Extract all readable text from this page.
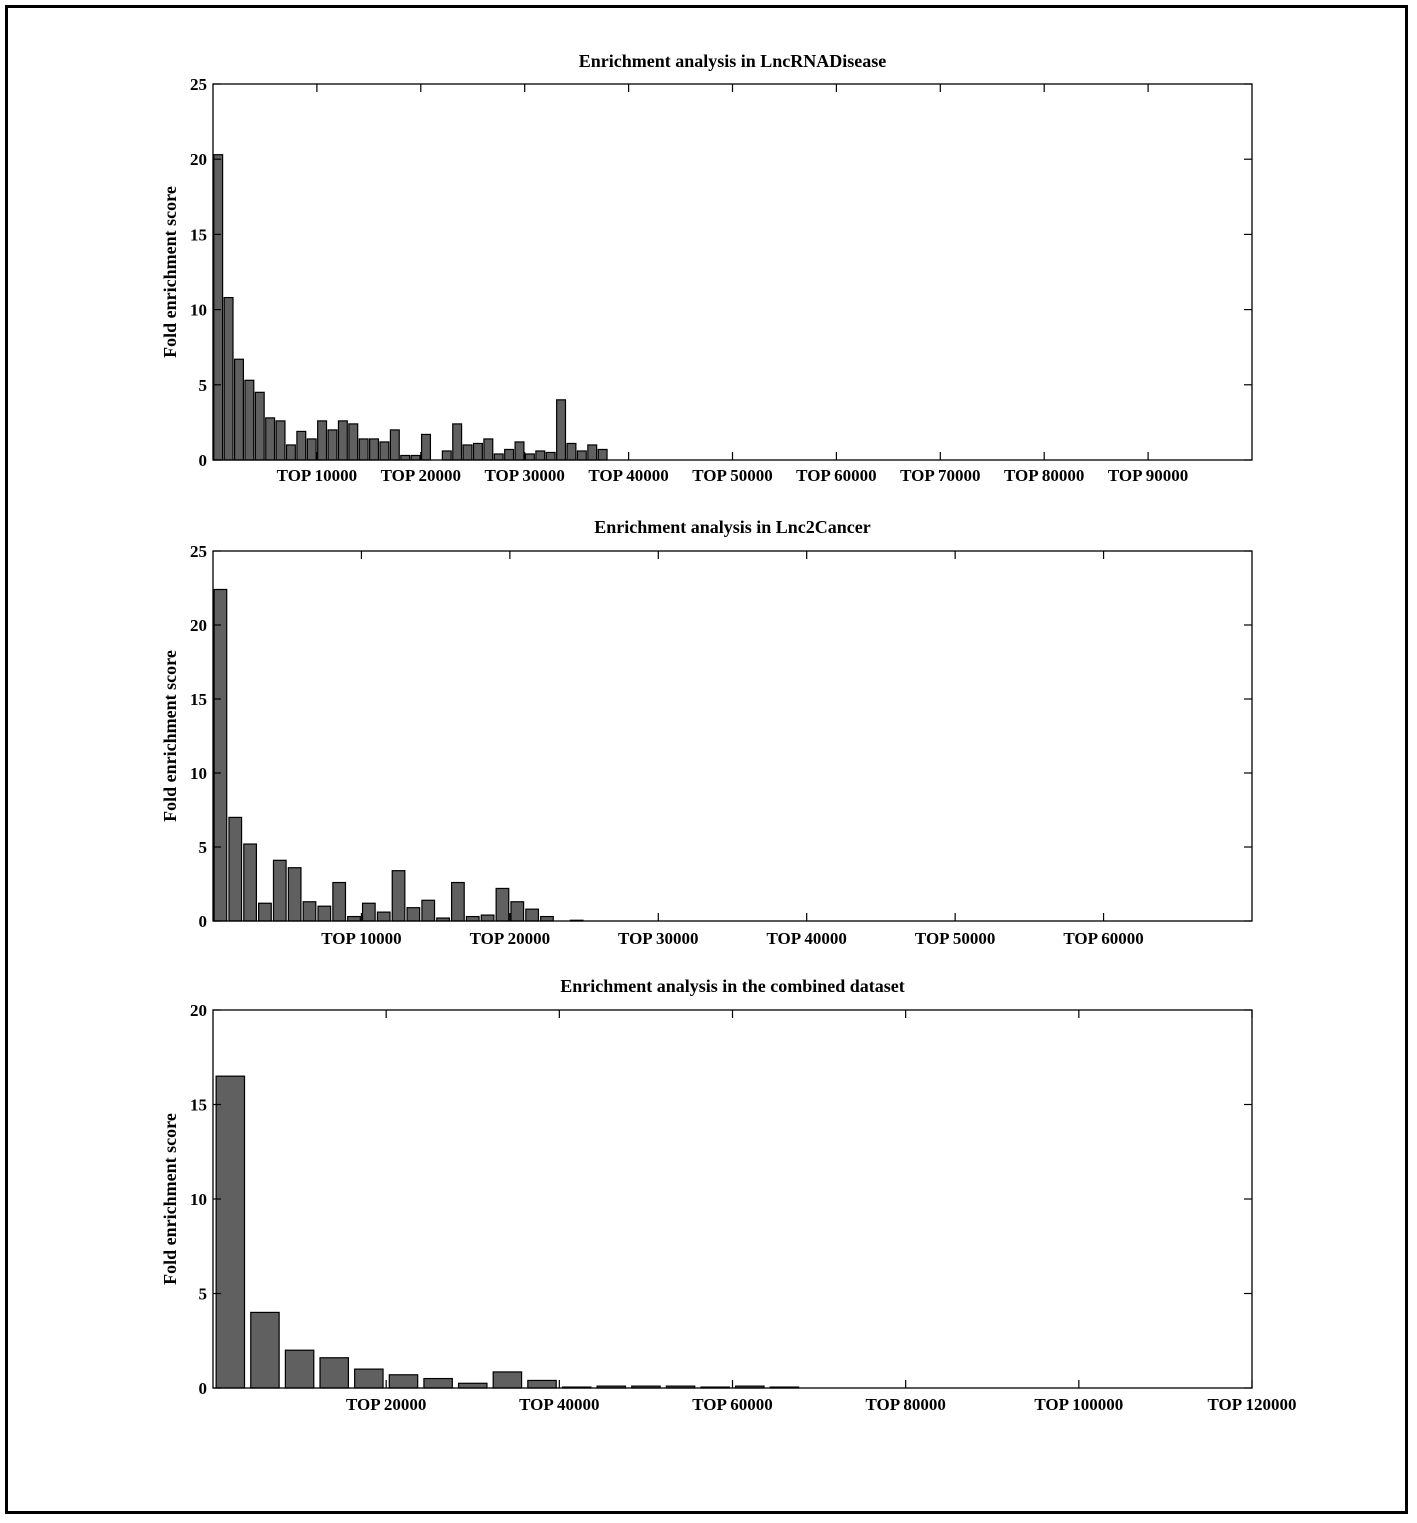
Enrichment analysis in LncRNADisease
0
5
10
15
20
25
TOP 10000 TOP 20000 TOP 30000 TOP 40000 TOP 50000 TOP 60000 TOP 70000 TOP 80000 TOP 90000
Fold enrichment score
Enrichment analysis in Lnc2Cancer
0
5
10
15
20
25
TOP 10000	TOP 20000	TOP 30000	TOP 40000	TOP 50000	TOP 60000
Fold enrichment score
Enrichment analysis in the combined dataset
0
5
10
15
20
TOP 20000	TOP 40000	TOP 60000	TOP 80000	TOP 100000	TOP 120000
Fold enrichment score
